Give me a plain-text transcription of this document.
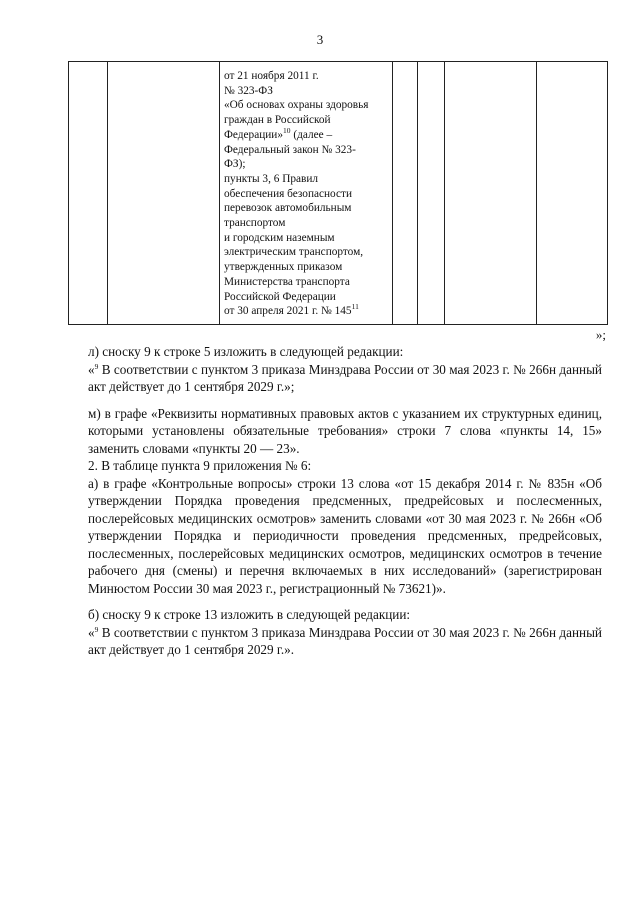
3
от 21 ноября 2011 г.
№ 323-ФЗ
«Об основах охраны здоровья
граждан в Российской
Федерации»$^{10}$ (далее –
Федеральный закон № 323-
ФЗ);
пункты 3, 6 Правил
обеспечения безопасности
перевозок автомобильным
транспортом
и городским наземным
электрическим транспортом,
утвержденных приказом
Министерства транспорта
Российской Федерации
от 30 апреля 2021 г. № $145^{11}$
»;

л) сноску 9 к строке 5 изложить в следующей редакции:

«$^9$ В соответствии с пунктом 3 приказа Минздрава России от 30 мая 2023 г. № 266н данный акт действует до 1 сентября 2029 г.»;

м) в графе «Реквизиты нормативных правовых актов с указанием их структурных единиц, которыми установлены обязательные требования» строки 7 слова «пункты 14, 15» заменить словами «пункты 20 — 23».

2. В таблице пункта 9 приложения № 6:

а) в графе «Контрольные вопросы» строки 13 слова «от 15 декабря 2014 г. № 835н «Об утверждении Порядка проведения предсменных, предрейсовых и послесменных, послерейсовых медицинских осмотров» заменить словами «от 30 мая 2023 г. № 266н «Об утверждении Порядка и периодичности проведения предсменных, предрейсовых, послесменных, послерейсовых медицинских осмотров, медицинских осмотров в течение рабочего дня (смены) и перечня включаемых в них исследований» (зарегистрирован Минюстом России 30 мая 2023 г., регистрационный № 73621)».

б) сноску 9 к строке 13 изложить в следующей редакции:

«$^9$ В соответствии с пунктом 3 приказа Минздрава России от 30 мая 2023 г. № 266н данный акт действует до 1 сентября 2029 г.».
